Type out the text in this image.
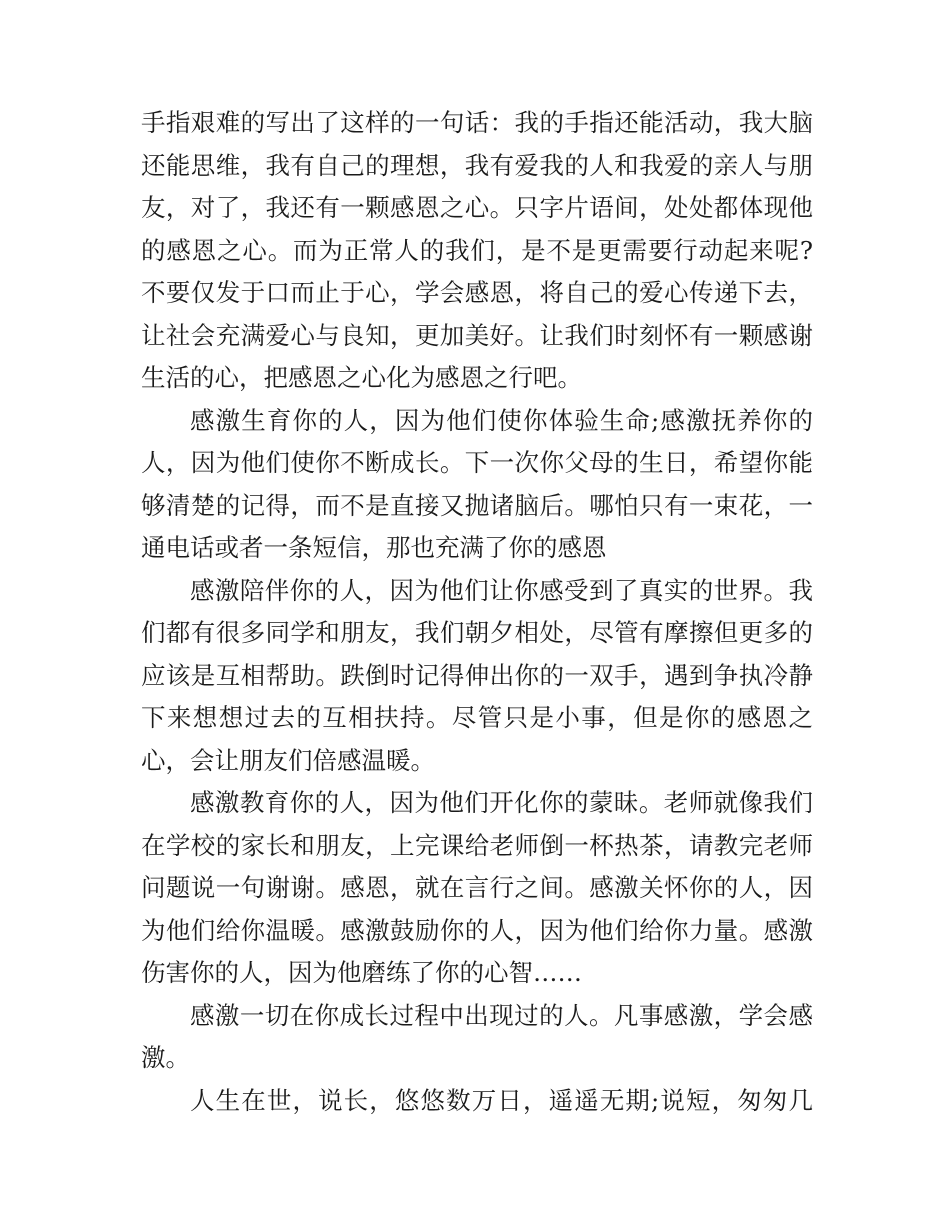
手指艰难的写出了这样的一句话：我的手指还能活动，我大脑
还能思维，我有自己的理想，我有爱我的人和我爱的亲人与朋
友，对了，我还有一颗感恩之心。只字片语间，处处都体现他
的感恩之心。而为正常人的我们，是不是更需要行动起来呢?
不要仅发于口而止于心，学会感恩，将自己的爱心传递下去，
让社会充满爱心与良知，更加美好。让我们时刻怀有一颗感谢
生活的心，把感恩之心化为感恩之行吧。
感激生育你的人，因为他们使你体验生命;感激抚养你的
人，因为他们使你不断成长。下一次你父母的生日，希望你能
够清楚的记得，而不是直接又抛诸脑后。哪怕只有一束花，一
通电话或者一条短信，那也充满了你的感恩
感激陪伴你的人，因为他们让你感受到了真实的世界。我
们都有很多同学和朋友，我们朝夕相处，尽管有摩擦但更多的
应该是互相帮助。跌倒时记得伸出你的一双手，遇到争执冷静
下来想想过去的互相扶持。尽管只是小事，但是你的感恩之
心，会让朋友们倍感温暖。
感激教育你的人，因为他们开化你的蒙昧。老师就像我们
在学校的家长和朋友，上完课给老师倒一杯热茶，请教完老师
问题说一句谢谢。感恩，就在言行之间。感激关怀你的人，因
为他们给你温暖。感激鼓励你的人，因为他们给你力量。感激
伤害你的人，因为他磨练了你的心智……
感激一切在你成长过程中出现过的人。凡事感激，学会感
激。
人生在世，说长，悠悠数万日，遥遥无期;说短，匆匆几
